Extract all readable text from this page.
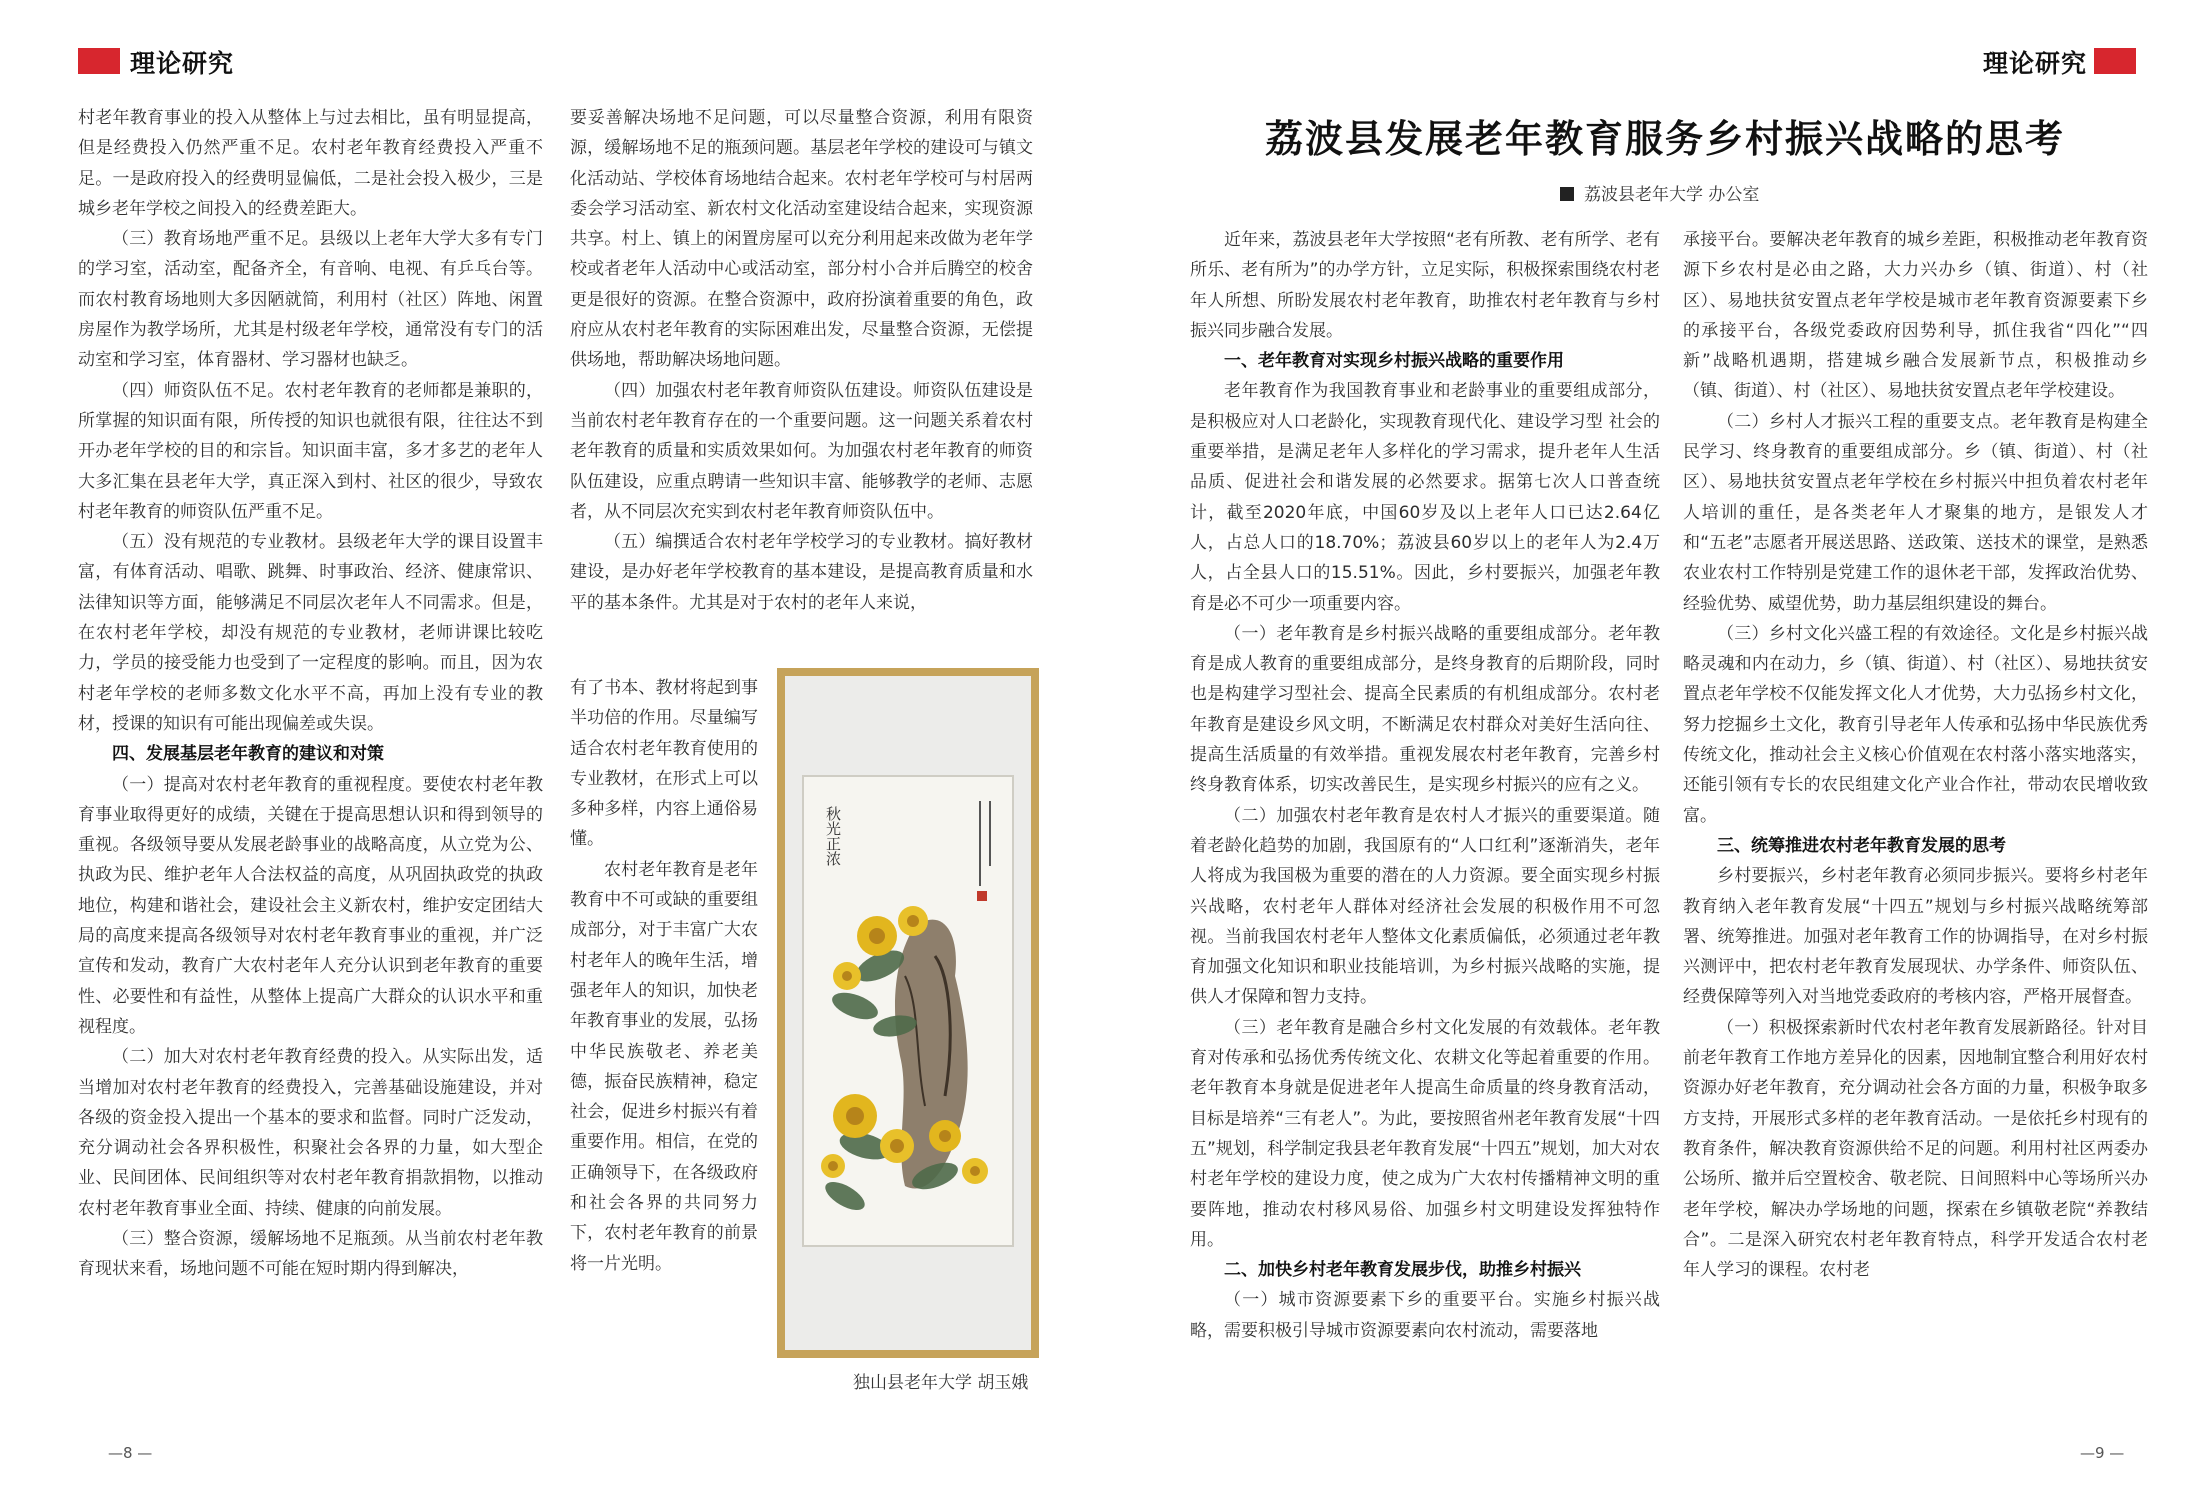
理论研究	理论研究

村老年教育事业的投入从整体上与过去相比，虽有明显提高，但是经费投入仍然严重不足。农村老年教育经费投入严重不足。一是政府投入的经费明显偏低，二是社会投入极少，三是城乡老年学校之间投入的经费差距大。

（三）教育场地严重不足。县级以上老年大学大多有专门的学习室，活动室，配备齐全，有音响、电视、有乒乓台等。而农村教育场地则大多因陋就简，利用村（社区）阵地、闲置房屋作为教学场所，尤其是村级老年学校，通常没有专门的活动室和学习室，体育器材、学习器材也缺乏。

（四）师资队伍不足。农村老年教育的老师都是兼职的，所掌握的知识面有限，所传授的知识也就很有限，往往达不到开办老年学校的目的和宗旨。知识面丰富，多才多艺的老年人大多汇集在县老年大学，真正深入到村、社区的很少，导致农村老年教育的师资队伍严重不足。

（五）没有规范的专业教材。县级老年大学的课目设置丰富，有体育活动、唱歌、跳舞、时事政治、经济、健康常识、法律知识等方面，能够满足不同层次老年人不同需求。但是，在农村老年学校，却没有规范的专业教材，老师讲课比较吃力，学员的接受能力也受到了一定程度的影响。而且，因为农村老年学校的老师多数文化水平不高，再加上没有专业的教材，授课的知识有可能出现偏差或失误。

四、发展基层老年教育的建议和对策

（一）提高对农村老年教育的重视程度。要使农村老年教育事业取得更好的成绩，关键在于提高思想认识和得到领导的重视。各级领导要从发展老龄事业的战略高度，从立党为公、执政为民、维护老年人合法权益的高度，从巩固执政党的执政地位，构建和谐社会，建设社会主义新农村，维护安定团结大局的高度来提高各级领导对农村老年教育事业的重视，并广泛宣传和发动，教育广大农村老年人充分认识到老年教育的重要性、必要性和有益性，从整体上提高广大群众的认识水平和重视程度。

（二）加大对农村老年教育经费的投入。从实际出发，适当增加对农村老年教育的经费投入，完善基础设施建设，并对各级的资金投入提出一个基本的要求和监督。同时广泛发动，充分调动社会各界积极性，积聚社会各界的力量，如大型企业、民间团体、民间组织等对农村老年教育捐款捐物，以推动农村老年教育事业全面、持续、健康的向前发展。

（三）整合资源，缓解场地不足瓶颈。从当前农村老年教育现状来看，场地问题不可能在短时期内得到解决，

要妥善解决场地不足问题，可以尽量整合资源，利用有限资源，缓解场地不足的瓶颈问题。基层老年学校的建设可与镇文化活动站、学校体育场地结合起来。农村老年学校可与村居两委会学习活动室、新农村文化活动室建设结合起来，实现资源共享。村上、镇上的闲置房屋可以充分利用起来改做为老年学校或者老年人活动中心或活动室，部分村小合并后腾空的校舍更是很好的资源。在整合资源中，政府扮演着重要的角色，政府应从农村老年教育的实际困难出发，尽量整合资源，无偿提供场地，帮助解决场地问题。

（四）加强农村老年教育师资队伍建设。师资队伍建设是当前农村老年教育存在的一个重要问题。这一问题关系着农村老年教育的质量和实质效果如何。为加强农村老年教育的师资队伍建设，应重点聘请一些知识丰富、能够教学的老师、志愿者，从不同层次充实到农村老年教育师资队伍中。

（五）编撰适合农村老年学校学习的专业教材。搞好教材建设，是办好老年学校教育的基本建设，是提高教育质量和水平的基本条件。尤其是对于农村的老年人来说，

有了书本、教材将起到事半功倍的作用。尽量编写适合农村老年教育使用的专业教材，在形式上可以多种多样，内容上通俗易懂。

农村老年教育是老年教育中不可或缺的重要组成部分，对于丰富广大农村老年人的晚年生活，增强老年人的知识，加快老年教育事业的发展，弘扬中华民族敬老、养老美德，振奋民族精神，稳定社会，促进乡村振兴有着重要作用。相信，在党的正确领导下，在各级政府和社会各界的共同努力下，农村老年教育的前景将一片光明。

秋光正浓
独山县老年大学 胡玉娥
—8 —
荔波县发展老年教育服务乡村振兴战略的思考
荔波县老年大学 办公室

近年来，荔波县老年大学按照“老有所教、老有所学、老有所乐、老有所为”的办学方针，立足实际，积极探索围绕农村老年人所想、所盼发展农村老年教育，助推农村老年教育与乡村振兴同步融合发展。

一、老年教育对实现乡村振兴战略的重要作用

老年教育作为我国教育事业和老龄事业的重要组成部分，是积极应对人口老龄化，实现教育现代化、建设学习型 社会的重要举措，是满足老年人多样化的学习需求，提升老年人生活品质、促进社会和谐发展的必然要求。据第七次人口普查统计，截至2020年底，中国60岁及以上老年人口已达2.64亿人，占总人口的18.70%；荔波县60岁以上的老年人为2.4万人，占全县人口的15.51%。因此，乡村要振兴，加强老年教育是必不可少一项重要内容。

（一）老年教育是乡村振兴战略的重要组成部分。老年教育是成人教育的重要组成部分，是终身教育的后期阶段，同时也是构建学习型社会、提高全民素质的有机组成部分。农村老年教育是建设乡风文明，不断满足农村群众对美好生活向往、提高生活质量的有效举措。重视发展农村老年教育，完善乡村终身教育体系，切实改善民生，是实现乡村振兴的应有之义。

（二）加强农村老年教育是农村人才振兴的重要渠道。随着老龄化趋势的加剧，我国原有的“人口红利”逐渐消失，老年人将成为我国极为重要的潜在的人力资源。要全面实现乡村振兴战略，农村老年人群体对经济社会发展的积极作用不可忽视。当前我国农村老年人整体文化素质偏低，必须通过老年教育加强文化知识和职业技能培训，为乡村振兴战略的实施，提供人才保障和智力支持。

（三）老年教育是融合乡村文化发展的有效载体。老年教育对传承和弘扬优秀传统文化、农耕文化等起着重要的作用。老年教育本身就是促进老年人提高生命质量的终身教育活动，目标是培养“三有老人”。为此，要按照省州老年教育发展“十四五”规划，科学制定我县老年教育发展“十四五”规划，加大对农村老年学校的建设力度，使之成为广大农村传播精神文明的重要阵地，推动农村移风易俗、加强乡村文明建设发挥独特作用。

二、加快乡村老年教育发展步伐，助推乡村振兴

（一）城市资源要素下乡的重要平台。实施乡村振兴战略，需要积极引导城市资源要素向农村流动，需要落地

承接平台。要解决老年教育的城乡差距，积极推动老年教育资源下乡农村是必由之路，大力兴办乡（镇、街道）、村（社区）、易地扶贫安置点老年学校是城市老年教育资源要素下乡的承接平台，各级党委政府因势利导，抓住我省“四化”“四新”战略机遇期，搭建城乡融合发展新节点，积极推动乡（镇、街道）、村（社区）、易地扶贫安置点老年学校建设。

（二）乡村人才振兴工程的重要支点。老年教育是构建全民学习、终身教育的重要组成部分。乡（镇、街道）、村（社区）、易地扶贫安置点老年学校在乡村振兴中担负着农村老年人培训的重任，是各类老年人才聚集的地方，是银发人才和“五老”志愿者开展送思路、送政策、送技术的课堂，是熟悉农业农村工作特别是党建工作的退休老干部，发挥政治优势、经验优势、威望优势，助力基层组织建设的舞台。

（三）乡村文化兴盛工程的有效途径。文化是乡村振兴战略灵魂和内在动力，乡（镇、街道）、村（社区）、易地扶贫安置点老年学校不仅能发挥文化人才优势，大力弘扬乡村文化，努力挖掘乡土文化，教育引导老年人传承和弘扬中华民族优秀传统文化，推动社会主义核心价值观在农村落小落实地落实，还能引领有专长的农民组建文化产业合作社，带动农民增收致富。

三、统筹推进农村老年教育发展的思考

乡村要振兴，乡村老年教育必须同步振兴。要将乡村老年教育纳入老年教育发展“十四五”规划与乡村振兴战略统筹部署、统筹推进。加强对老年教育工作的协调指导，在对乡村振兴测评中，把农村老年教育发展现状、办学条件、师资队伍、经费保障等列入对当地党委政府的考核内容，严格开展督查。

（一）积极探索新时代农村老年教育发展新路径。针对目前老年教育工作地方差异化的因素，因地制宜整合利用好农村资源办好老年教育，充分调动社会各方面的力量，积极争取多方支持，开展形式多样的老年教育活动。一是依托乡村现有的教育条件，解决教育资源供给不足的问题。利用村社区两委办公场所、撤并后空置校舍、敬老院、日间照料中心等场所兴办老年学校，解决办学场地的问题，探索在乡镇敬老院“养教结合”。二是深入研究农村老年教育特点，科学开发适合农村老年人学习的课程。农村老

—9 —
